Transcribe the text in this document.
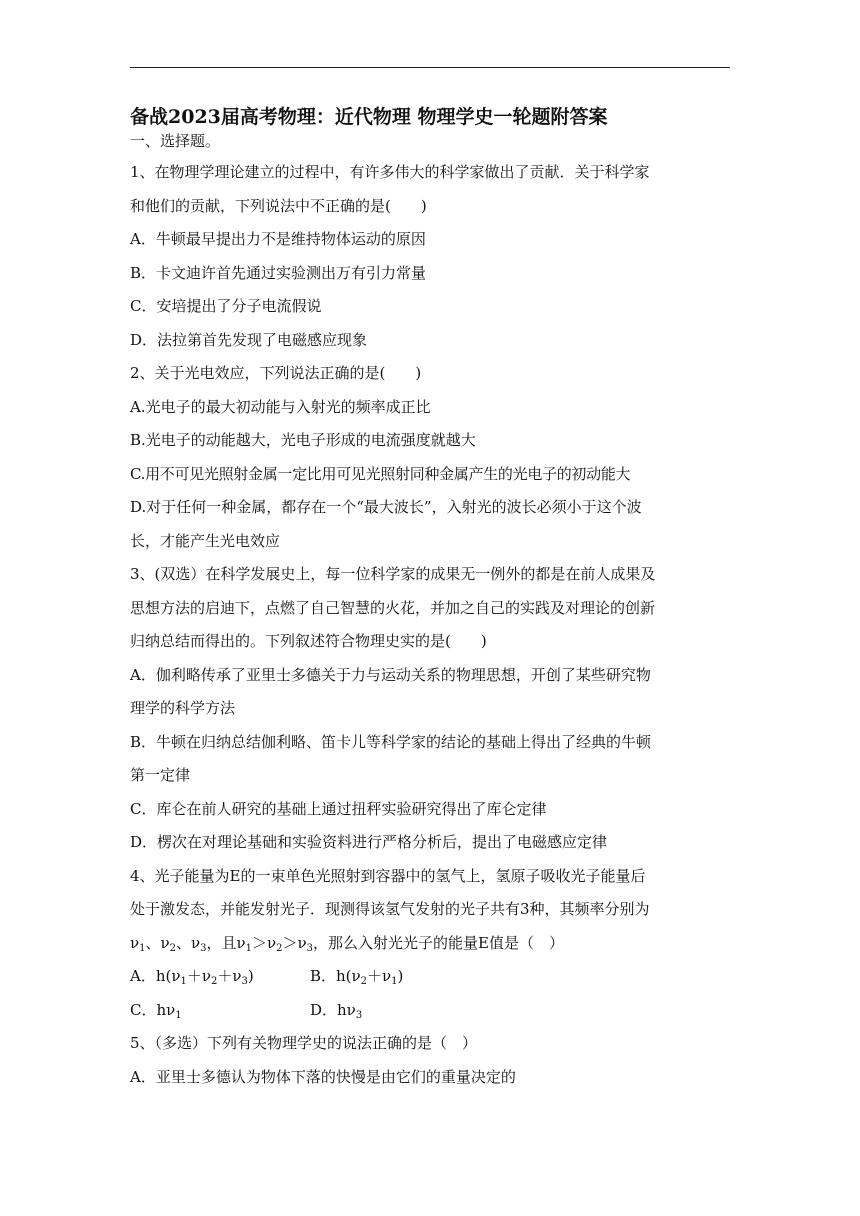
备战2023届高考物理：近代物理 物理学史一轮题附答案

一、选择题。

1、在物理学理论建立的过程中，有许多伟大的科学家做出了贡献．关于科学家

和他们的贡献，下列说法中不正确的是(　　)

A．牛顿最早提出力不是维持物体运动的原因

B．卡文迪许首先通过实验测出万有引力常量

C．安培提出了分子电流假说

D．法拉第首先发现了电磁感应现象

2、关于光电效应，下列说法正确的是(　　)

A.光电子的最大初动能与入射光的频率成正比

B.光电子的动能越大，光电子形成的电流强度就越大

C.用不可见光照射金属一定比用可见光照射同种金属产生的光电子的初动能大

D.对于任何一种金属，都存在一个“最大波长”，入射光的波长必须小于这个波

长，才能产生光电效应

3、(双选）在科学发展史上，每一位科学家的成果无一例外的都是在前人成果及

思想方法的启迪下，点燃了自己智慧的火花，并加之自己的实践及对理论的创新

归纳总结而得出的。下列叙述符合物理史实的是(　　)

A．伽利略传承了亚里士多德关于力与运动关系的物理思想，开创了某些研究物

理学的科学方法

B．牛顿在归纳总结伽利略、笛卡儿等科学家的结论的基础上得出了经典的牛顿

第一定律

C．库仑在前人研究的基础上通过扭秤实验研究得出了库仑定律

D．楞次在对理论基础和实验资料进行严格分析后，提出了电磁感应定律

4、光子能量为E的一束单色光照射到容器中的氢气上，氢原子吸收光子能量后

处于激发态，并能发射光子．现测得该氢气发射的光子共有3种，其频率分别为

$\nu_1$、$\nu_2$、$\nu_3$，且$\nu_1>\nu_2>\nu_3$，那么入射光光子的能量E值是（　）

A．$h(\nu_1+\nu_2+\nu_3)$	B．$h(\nu_2+\nu_1)$
C．$h\nu_1$	D．$h\nu_3$

5、（多选）下列有关物理学史的说法正确的是（　）

A．亚里士多德认为物体下落的快慢是由它们的重量决定的
